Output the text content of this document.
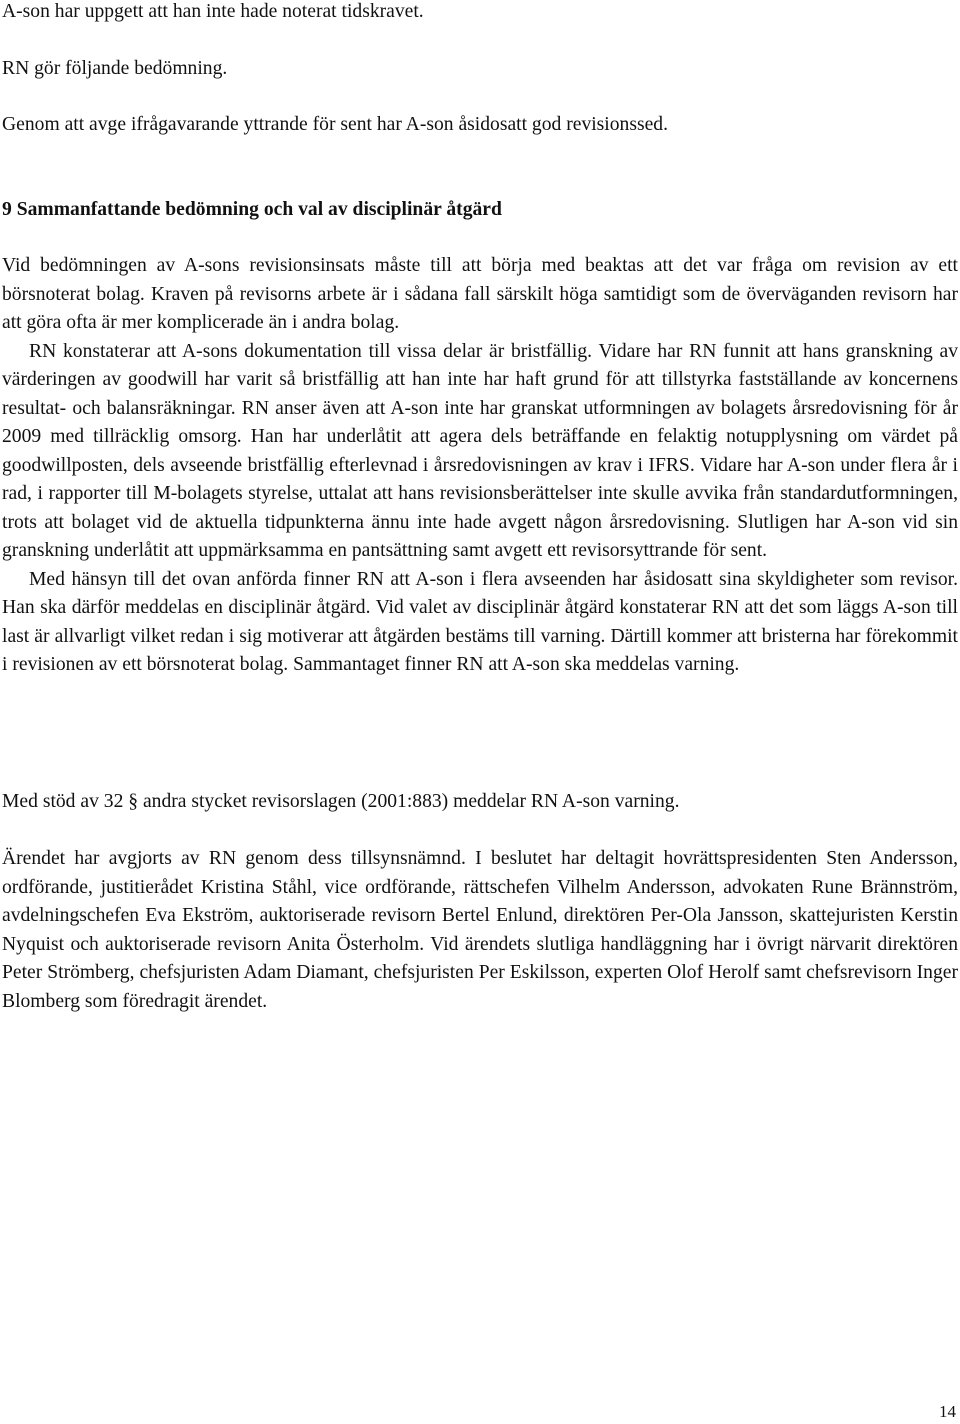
A-son har uppgett att han inte hade noterat tidskravet.

RN gör följande bedömning.

Genom att avge ifrågavarande yttrande för sent har A-son åsidosatt god revisionssed.

9 Sammanfattande bedömning och val av disciplinär åtgärd

Vid bedömningen av A-sons revisionsinsats måste till att börja med beaktas att det var fråga om revision av ett börsnoterat bolag. Kraven på revisorns arbete är i sådana fall särskilt höga samtidigt som de överväganden revisorn har att göra ofta är mer komplicerade än i andra bolag.

RN konstaterar att A-sons dokumentation till vissa delar är bristfällig. Vidare har RN funnit att hans granskning av värderingen av goodwill har varit så bristfällig att han inte har haft grund för att tillstyrka fastställande av koncernens resultat- och balansräkningar. RN anser även att A-son inte har granskat utformningen av bolagets årsredovisning för år 2009 med tillräcklig omsorg. Han har underlåtit att agera dels beträffande en felaktig notupplysning om värdet på goodwillposten, dels avseende bristfällig efterlevnad i årsredovisningen av krav i IFRS. Vidare har A-son under flera år i rad, i rapporter till M-bolagets styrelse, uttalat att hans revisionsberättelser inte skulle avvika från standardutformningen, trots att bolaget vid de aktuella tidpunkterna ännu inte hade avgett någon årsredovisning. Slutligen har A-son vid sin granskning underlåtit att uppmärksamma en pantsättning samt avgett ett revisorsyttrande för sent.

Med hänsyn till det ovan anförda finner RN att A-son i flera avseenden har åsidosatt sina skyldigheter som revisor. Han ska därför meddelas en disciplinär åtgärd. Vid valet av disciplinär åtgärd konstaterar RN att det som läggs A-son till last är allvarligt vilket redan i sig motiverar att åtgärden bestäms till varning. Därtill kommer att bristerna har förekommit i revisionen av ett börsnoterat bolag. Sammantaget finner RN att A-son ska meddelas varning.

Med stöd av 32 § andra stycket revisorslagen (2001:883) meddelar RN A-son varning.

Ärendet har avgjorts av RN genom dess tillsynsnämnd. I beslutet har deltagit hovrättspresidenten Sten Andersson, ordförande, justitierådet Kristina Ståhl, vice ordförande, rättschefen Vilhelm Andersson, advokaten Rune Brännström, avdelningschefen Eva Ekström, auktoriserade revisorn Bertel Enlund, direktören Per-Ola Jansson, skattejuristen Kerstin Nyquist och auktoriserade revisorn Anita Österholm. Vid ärendets slutliga handläggning har i övrigt närvarit direktören Peter Strömberg, chefsjuristen Adam Diamant, chefsjuristen Per Eskilsson, experten Olof Herolf samt chefsrevisorn Inger Blomberg som föredragit ärendet.

14
